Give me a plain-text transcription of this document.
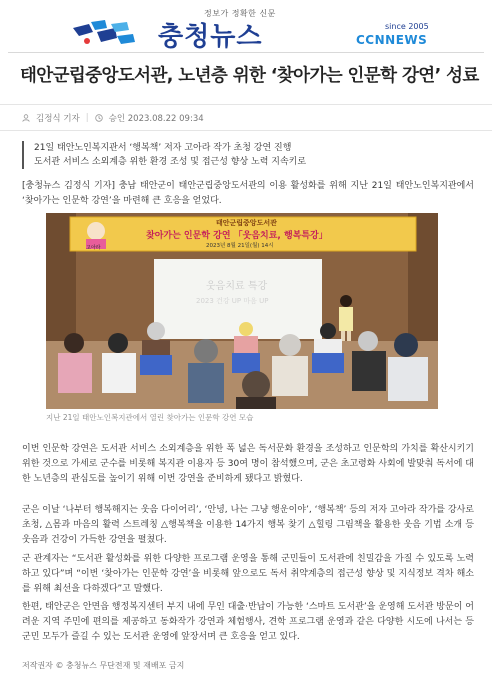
정보가 정확한 신문
충청뉴스	since 2005
CCNNEWS
태안군립중앙도서관, 노년층 위한 ‘찾아가는 인문학 강연’ 성료
김정식 기자 | 승인 2023.08.22 09:34
21일 태안노인복지관서 ‘행복책’ 저자 고아라 작가 초청 강연 진행
도서관 서비스 소외계층 위한 환경 조성 및 접근성 향상 노력 지속키로
[충청뉴스 김정식 기자] 충남 태안군이 태안군립중앙도서관의 이용 활성화를 위해 지난 21일 태안노인복지관에서 ‘찾아가는 인문학 강연’을 마련해 큰 호응을 얻었다.
고아라
태안군립중앙도서관
찾아가는 인문학 강연 「웃음치료, 행복특강」
2023년 8월 21일(월) 14시
웃음치료 특강
2023 건강 UP 마음 UP
지난 21일 태안노인복지관에서 열린 찾아가는 인문학 강연 모습
이번 인문학 강연은 도서관 서비스 소외계층을 위한 폭 넓은 독서문화 환경을 조성하고 인문학의 가치를 확산시키기 위한 것으로 가세로 군수를 비롯해 복지관 이용자 등 30여 명이 참석했으며, 군은 초고령화 사회에 발맞춰 독서에 대한 노년층의 관심도를 높이기 위해 이번 강연을 준비하게 됐다고 밝혔다.
군은 이날 ‘나부터 행복해지는 웃음 다이어리’, ‘안녕, 나는 그냥 행운이야’, ‘행복책’ 등의 저자 고아라 작가를 강사로 초청, △몸과 마음의 활력 스트레칭 △행복책을 이용한 14가지 행복 찾기 △힐링 그림책을 활용한 웃음 기법 소개 등 웃음과 건강이 가득한 강연을 펼쳤다.
군 관계자는 “도서관 활성화를 위한 다양한 프로그램 운영을 통해 군민들이 도서관에 친밀감을 가질 수 있도록 노력하고 있다”며 “이번 ‘찾아가는 인문학 강연’을 비롯해 앞으로도 독서 취약계층의 접근성 향상 및 지식정보 격차 해소를 위해 최선을 다하겠다”고 말했다.
한편, 태안군은 안면읍 행정복지센터 부지 내에 무인 대출·반납이 가능한 ‘스마트 도서관’을 운영해 도서관 방문이 어려운 지역 주민에 편의를 제공하고 동화작가 강연과 체험행사, 견학 프로그램 운영과 같은 다양한 시도에 나서는 등 군민 모두가 즐길 수 있는 도서관 운영에 앞장서며 큰 호응을 얻고 있다.
저작권자 © 충청뉴스 무단전재 및 재배포 금지
